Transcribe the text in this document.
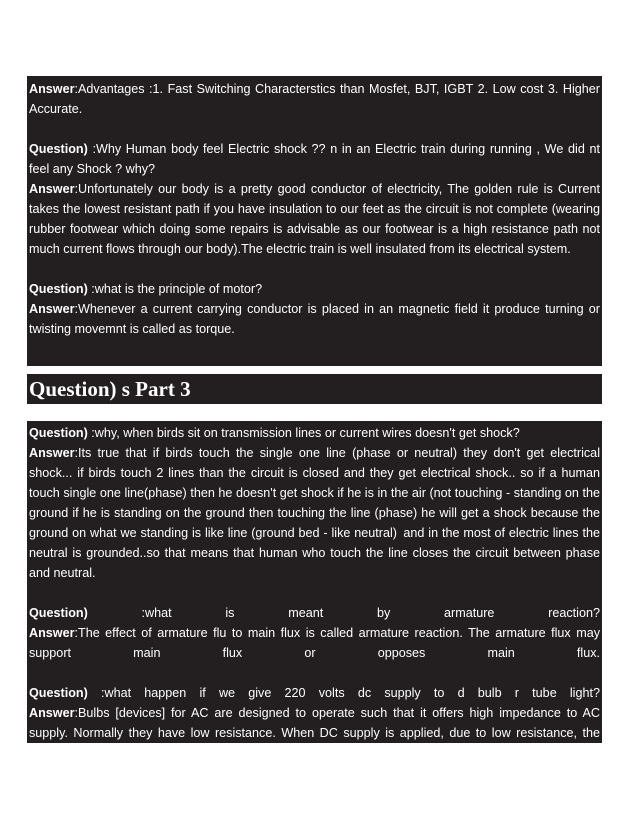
Answer:Advantages :1. Fast Switching Characterstics than Mosfet, BJT, IGBT 2. Low cost 3. Higher Accurate.
Question) :Why Human body feel Electric shock ?? n in an Electric train during running , We did nt feel any Shock ? why?
Answer:Unfortunately our body is a pretty good conductor of electricity, The golden rule is Current takes the lowest resistant path if you have insulation to our feet as the circuit is not complete (wearing rubber footwear which doing some repairs is advisable as our footwear is a high resistance path not much current flows through our body).The electric train is well insulated from its electrical system.
Question) :what is the principle of motor?
Answer:Whenever a current carrying conductor is placed in an magnetic field it produce turning or twisting movemnt is called as torque.
Question) s Part 3
Question) :why, when birds sit on transmission lines or current wires doesn't get shock?
Answer:Its true that if birds touch the single one line (phase or neutral) they don't get electrical shock... if birds touch 2 lines than the circuit is closed and they get electrical shock.. so if a human touch single one line(phase) then he doesn't get shock if he is in the air (not touching - standing on the ground if he is standing on the ground then touching the line (phase) he will get a shock because the ground on what we standing is like line (ground bed - like neutral)  and in the most of electric lines the neutral is grounded..so that means that human who touch the line closes the circuit between phase and neutral.
Question) :what is meant by armature reaction?
Answer:The effect of armature flu to main flux is called armature reaction. The armature flux may support main flux or opposes main flux.
Question) :what happen if we give 220 volts dc supply to d bulb r tube light?
Answer:Bulbs [devices] for AC are designed to operate such that it offers high impedance to AC supply. Normally they have low resistance. When DC supply is applied, due to low resistance, the current through lamp would be so high that it may damage the bulb element.
